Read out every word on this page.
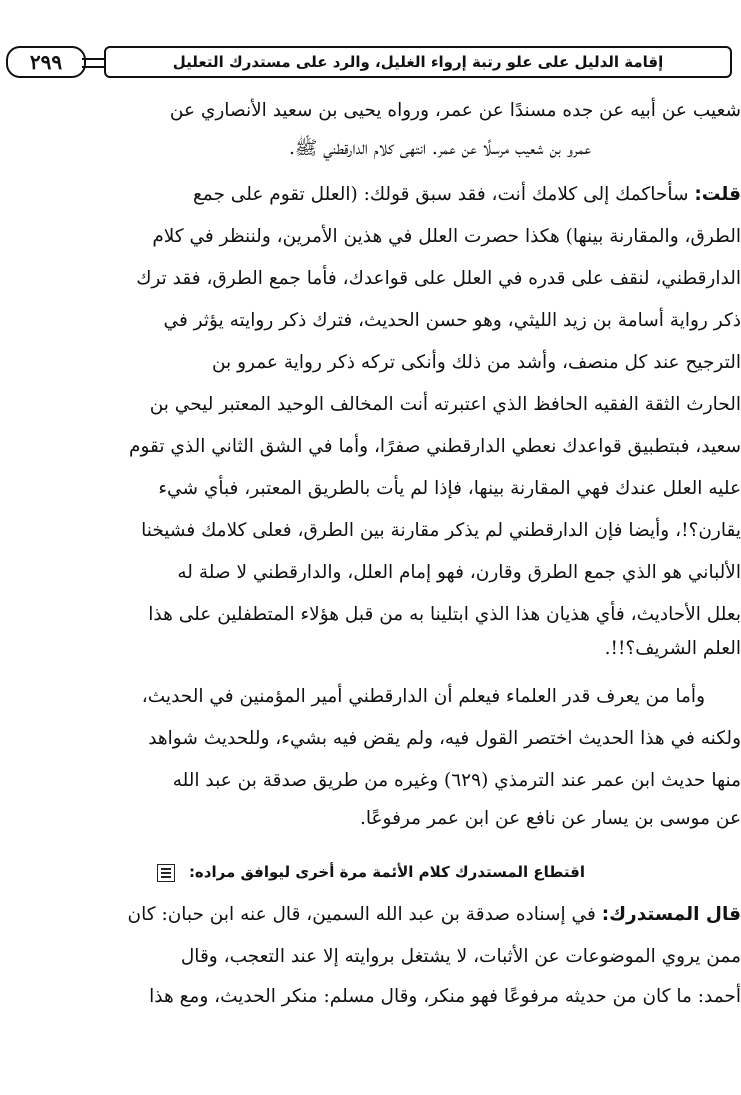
٢٩٩	إقامة الدليل على علو رتبة إرواء الغليل، والرد على مستدرك التعليل
شعيب عن أبيه عن جده مسندًا عن عمر، ورواه يحيى بن سعيد الأنصاري عن
عمرو بن شعيب مرسلًا عن عمر. انتهى كلام الدارقطني ﷺ.
قلت: سأحاكمك إلى كلامك أنت، فقد سبق قولك: (العلل تقوم على جمع
الطرق، والمقارنة بينها) هكذا حصرت العلل في هذين الأمرين، ولننظر في كلام
الدارقطني، لنقف على قدره في العلل على قواعدك، فأما جمع الطرق، فقد ترك
ذكر رواية أسامة بن زيد الليثي، وهو حسن الحديث، فترك ذكر روايته يؤثر في
الترجيح عند كل منصف، وأشد من ذلك وأنكى تركه ذكر رواية عمرو بن
الحارث الثقة الفقيه الحافظ الذي اعتبرته أنت المخالف الوحيد المعتبر ليحي بن
سعيد، فبتطبيق قواعدك نعطي الدارقطني صفرًا، وأما في الشق الثاني الذي تقوم
عليه العلل عندك فهي المقارنة بينها، فإذا لم يأت بالطريق المعتبر، فبأي شيء
يقارن؟!، وأيضا فإن الدارقطني لم يذكر مقارنة بين الطرق، فعلى كلامك فشيخنا
الألباني هو الذي جمع الطرق وقارن، فهو إمام العلل، والدارقطني لا صلة له
بعلل الأحاديث، فأي هذيان هذا الذي ابتلينا به من قبل هؤلاء المتطفلين على هذا
العلم الشريف؟!!.
وأما من يعرف قدر العلماء فيعلم أن الدارقطني أمير المؤمنين في الحديث،
ولكنه في هذا الحديث اختصر القول فيه، ولم يقض فيه بشيء، وللحديث شواهد
منها حديث ابن عمر عند الترمذي (٦٢٩) وغيره من طريق صدقة بن عبد الله
عن موسى بن يسار عن نافع عن ابن عمر مرفوعًا.
قال المستدرك: في إسناده صدقة بن عبد الله السمين، قال عنه ابن حبان: كان
ممن يروي الموضوعات عن الأثبات، لا يشتغل بروايته إلا عند التعجب، وقال
أحمد: ما كان من حديثه مرفوعًا فهو منكر، وقال مسلم: منكر الحديث، ومع هذا
اقتطاع المستدرك كلام الأئمة مرة أخرى ليوافق مراده:
